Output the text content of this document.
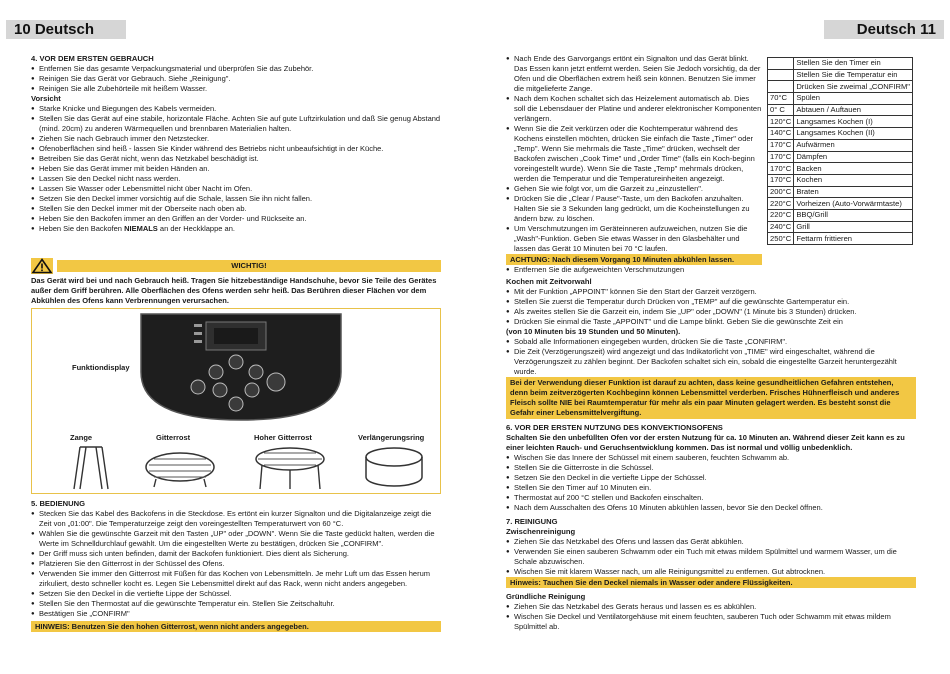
10 Deutsch	Deutsch 11
4. VOR DEM ERSTEN GEBRAUCH
● Entfernen Sie das gesamte Verpackungsmaterial und überprüfen Sie das Zubehör.
● Reinigen Sie das Gerät vor Gebrauch. Siehe „Reinigung".
● Reinigen Sie alle Zubehörteile mit heißem Wasser.
Vorsicht
● Starke Knicke und Biegungen des Kabels vermeiden.
● Stellen Sie das Gerät auf eine stabile, horizontale Fläche. Achten Sie auf gute Luftzirkulation und daß Sie genug Abstand (mind. 20cm) zu anderen Wärmequellen und brennbaren Materialien halten.
● Ziehen Sie nach Gebrauch immer den Netzstecker.
● Ofenoberflächen sind heiß - lassen Sie Kinder während des Betriebs nicht unbeaufsichtigt in der Küche.
● Betreiben Sie das Gerät nicht, wenn das Netzkabel beschädigt ist.
● Heben Sie das Gerät immer mit beiden Händen an.
● Lassen Sie den Deckel nicht nass werden.
● Lassen Sie Wasser oder Lebensmittel nicht über Nacht im Ofen.
● Setzen Sie den Deckel immer vorsichtig auf die Schale, lassen Sie ihn nicht fallen.
● Stellen Sie den Deckel immer mit der Oberseite nach oben ab.
● Heben Sie den Backofen immer an den Griffen an der Vorder- und Rückseite an.
● Heben Sie den Backofen NIEMALS an der Heckklappe an.
WICHTIG!
Das Gerät wird bei und nach Gebrauch heiß. Tragen Sie hitzebeständige Handschuhe, bevor Sie Teile des Gerätes außer dem Griff berühren. Alle Oberflächen des Ofens werden sehr heiß. Das Berühren dieser Flächen vor dem Abkühlen des Ofens kann Verbrennungen verursachen.
Funktiondisplay
Zange	Gitterrost	Hoher Gitterrost	Verlängerungsring
5. BEDIENUNG
● Stecken Sie das Kabel des Backofens in die Steckdose. Es ertönt ein kurzer Signalton und die Digitalanzeige zeigt die Zeit von „01:00". Die Temperaturzeige zeigt den voreingestellten Temperaturwert von 60 °C.
● Wählen Sie die gewünschte Garzeit mit den Tasten „UP" oder „DOWN". Wenn Sie die Taste gedückt halten, werden die Werte im Schnelldurchlauf gewählt. Um die eingestellten Werte zu bestätigen, drücken Sie „CONFIRM".
● Der Griff muss sich unten befinden, damit der Backofen funktioniert. Dies dient als Sicherung.
● Platzieren Sie den Gitterrost in der Schüssel des Ofens.
● Verwenden Sie immer den Gitterrost mit Füßen für das Kochen von Lebensmitteln. Je mehr Luft um das Essen herum zirkuliert, desto schneller kocht es. Legen Sie Lebensmittel direkt auf das Rack, wenn nicht anders angegeben.
● Setzen Sie den Deckel in die vertiefte Lippe der Schüssel.
● Stellen Sie den Thermostat auf die gewünschte Temperatur ein. Stellen Sie Zeitschaltuhr.
● Bestätigen Sie „CONFIRM"
HINWEIS: Benutzen Sie den hohen Gitterrost, wenn nicht anders angegeben.
● Nach Ende des Garvorgangs ertönt ein Signalton und das Gerät blinkt. Das Essen kann jetzt entfernt werden. Seien Sie Jedoch vorsichtig, da der Ofen und die Oberflächen extrem heiß sein können. Benutzen Sie immer die mitgelieferte Zange.
● Nach dem Kochen schaltet sich das Heizelement automatisch ab. Dies soll die Lebensdauer der Platine und anderer elektronischer Komponenten verlängern.
● Wenn Sie die Zeit verkürzen oder die Kochtemperatur während des Kochens einstellen möchten, drücken Sie einfach die Taste „Timer" oder „Temp". Wenn Sie mehrmals die Taste „Time" drücken, wechselt der Backofen zwischen „Cook Time" und „Order Time" (falls ein Koch-beginn voreingestellt wurde). Wenn Sie die Taste „Temp" mehrmals drücken, werden die Temperatur und die Temperatureinheiten angezeigt.
● Gehen Sie wie folgt vor, um die Garzeit zu „einzustellen".
● Drücken Sie die „Clear / Pause"-Taste, um den Backofen anzuhalten. Halten Sie sie 3 Sekunden lang gedrückt, um die Kocheinstellungen zu ändern bzw. zu löschen.
● Um Verschmutzungen im Geräteinneren aufzuweichen, nutzen Sie die „Wash"-Funktion. Geben Sie etwas Wasser in den Glasbehälter und lassen das Gerät 10 Minuten bei 70 °C laufen.
ACHTUNG: Nach diesem Vorgang 10 Minuten abkühlen lassen.
● Entfernen Sie die aufgeweichten Verschmutzungen
Kochen mit Zeitvorwahl
● Mit der Funktion „APPOINT" können Sie den Start der Garzeit verzögern.
● Stellen Sie zuerst die Temperatur durch Drücken von „TEMP" auf die gewünschte Gartemperatur ein.
● Als zweites stellen Sie die Garzeit ein, indem Sie „UP" oder „DOWN" (1 Minute bis 3 Stunden) drücken.
● Drücken Sie einmal die Taste „APPOINT" und die Lampe blinkt. Geben Sie die gewünschte Zeit ein
(von 10 Minuten bis 19 Stunden und 50 Minuten).
● Sobald alle Informationen eingegeben wurden, drücken Sie die Taste „CONFIRM".
● Die Zeit (Verzögerungszeit) wird angezeigt und das Indikatorlicht von „TIME" wird eingeschaltet, während die Verzögerungszeit zu zählen beginnt. Der Backofen schaltet sich ein, sobald die eingestellte Garzeit heruntergezählt wurde.
Bei der Verwendung dieser Funktion ist darauf zu achten, dass keine gesundheitlichen Gefahren entstehen, denn beim zeitverzögerten Kochbeginn können Lebensmittel verderben. Frisches Hühnerfleisch und anderes Fleisch sollte NIE bei Raumtemperatur für mehr als ein paar Minuten gelagert werden. Es besteht sonst die Gefahr einer Lebensmittelvergiftung.
6. VOR DER ERSTEN NUTZUNG DES KONVEKTIONSOFENS
Schalten Sie den unbefüllten Ofen vor der ersten Nutzung für ca. 10 Minuten an. Während dieser Zeit kann es zu einer leichten Rauch- und Geruchsentwicklung kommen. Das ist normal und völlig unbedenklich.
● Wischen Sie das Innere der Schüssel mit einem sauberen, feuchten Schwamm ab.
● Stellen Sie die Gitterroste in die Schüssel.
● Setzen Sie den Deckel in die vertiefte Lippe der Schüssel.
● Stellen Sie den Timer auf 10 Minuten ein.
● Thermostat auf 200 °C stellen und Backofen einschalten.
● Nach dem Ausschalten des Ofens 10 Minuten abkühlen lassen, bevor Sie den Deckel öffnen.
7. REINIGUNG
Zwischenreinigung
● Ziehen Sie das Netzkabel des Ofens und lassen das Gerät abkühlen.
● Verwenden Sie einen sauberen Schwamm oder ein Tuch mit etwas mildem Spülmittel und warmem Wasser, um die Schale abzuwischen.
● Wischen Sie mit klarem Wasser nach, um alle Reinigungsmittel zu entfernen. Gut abtrocknen.
Hinweis: Tauchen Sie den Deckel niemals in Wasser oder andere Flüssigkeiten.
Gründliche Reinigung
● Ziehen Sie das Netzkabel des Gerats heraus und lassen es es abkühlen.
● Wischen Sie Deckel und Ventilatorgehäuse mit einem feuchten, sauberen Tuch oder Schwamm mit etwas mildem Spülmittel ab.
	Stellen Sie den Timer ein
	Stellen Sie die Temperatur ein
	Drücken Sie zweimal „CONFIRM"
70°C	Spülen
0° C	Abtauen / Auftauen
120°C	Langsames Kochen (I)
140°C	Langsames Kochen (II)
170°C	Aufwärmen
170°C	Dämpfen
170°C	Backen
170°C	Kochen
200°C	Braten
220°C	Vorheizen (Auto-Vorwärmtaste)
220°C	BBQ/Grill
240°C	Grill
250°C	Fettarm frittieren
